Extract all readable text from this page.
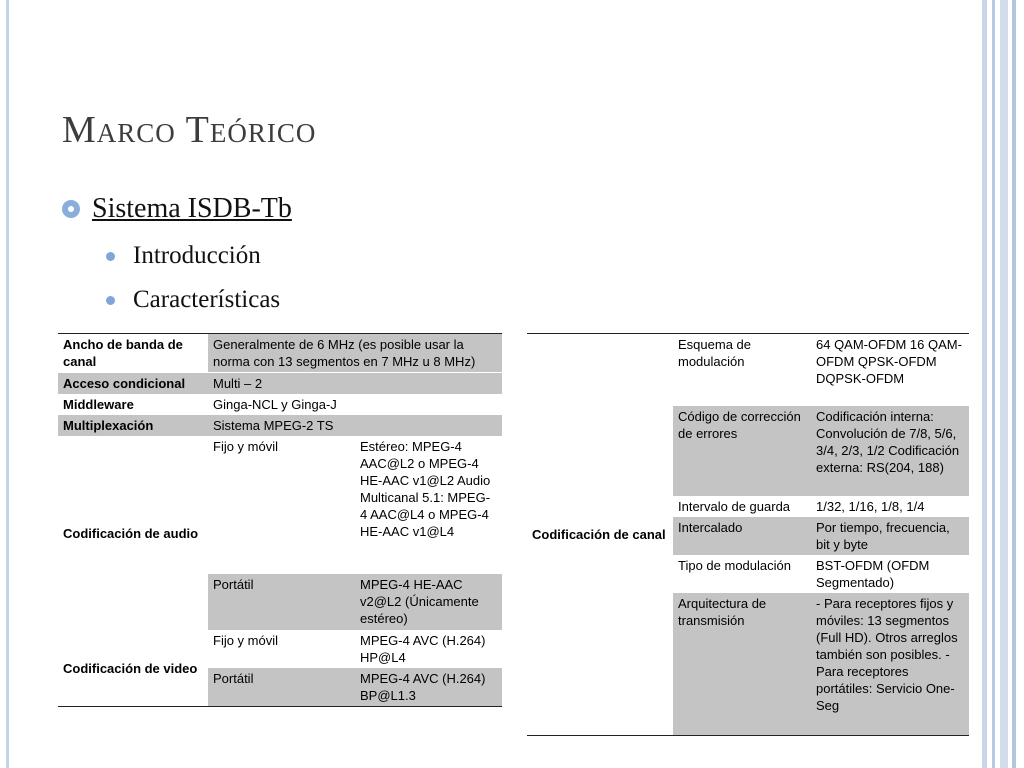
Marco Teórico
Sistema ISDB-Tb
Introducción
Características
Ancho de banda de canal	Generalmente de 6 MHz (es posible usar la norma con 13 segmentos en 7 MHz u 8 MHz)	
Acceso condicional	Multi – 2	
Middleware	Ginga-NCL y Ginga-J	
Multiplexación	Sistema MPEG-2 TS	
Codificación de audio	Fijo y móvil	Estéreo: MPEG-4 AAC@L2 o MPEG-4 HE-AAC v1@L2 Audio Multicanal 5.1: MPEG-4 AAC@L4 o MPEG-4 HE-AAC v1@L4
	Portátil	MPEG-4 HE-AAC v2@L2 (Únicamente estéreo)
Codificación de video	Fijo y móvil	MPEG-4 AVC (H.264) HP@L4
	Portátil	MPEG-4 AVC (H.264) BP@L1.3
Codificación de canal	Esquema de modulación	64 QAM-OFDM 16 QAM-OFDM QPSK-OFDM DQPSK-OFDM
	Código de corrección de errores	Codificación interna: Convolución de 7/8, 5/6, 3/4, 2/3, 1/2 Codificación externa: RS(204, 188)
	Intervalo de guarda	1/32, 1/16, 1/8, 1/4
	Intercalado	Por tiempo, frecuencia, bit y byte
	Tipo de modulación	BST-OFDM (OFDM Segmentado)
	Arquitectura de transmisión	- Para receptores fijos y móviles: 13 segmentos (Full HD). Otros arreglos también son posibles. - Para receptores portátiles: Servicio One-Seg
